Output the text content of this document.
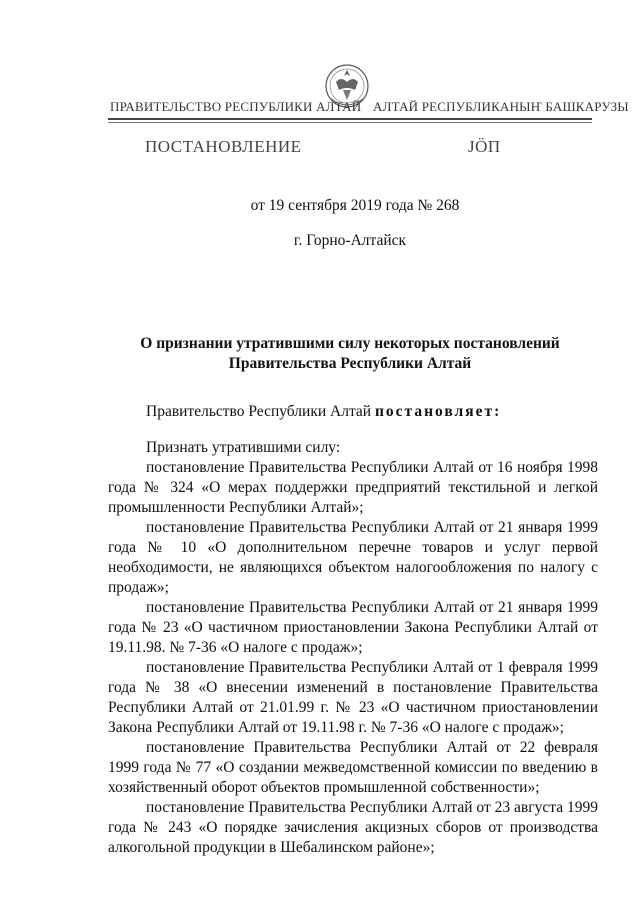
ПРАВИТЕЛЬСТВО РЕСПУБЛИКИ АЛТАЙ АЛТАЙ РЕСПУБЛИКАНЫҤ БАШКАРУЗЫ
ПОСТАНОВЛЕНИЕ	JÖП
от 19 сентября 2019 года № 268
г. Горно-Алтайск
О признании утратившими силу некоторых постановлений
Правительства Республики Алтай
Правительство Республики Алтай постановляет:

Признать утратившими силу:

постановление Правительства Республики Алтай от 16 ноября 1998 года № 324 «О мерах поддержки предприятий текстильной и легкой промышленности Республики Алтай»;

постановление Правительства Республики Алтай от 21 января 1999 года № 10 «О дополнительном перечне товаров и услуг первой необходимости, не являющихся объектом налогообложения по налогу с продаж»;

постановление Правительства Республики Алтай от 21 января 1999 года № 23 «О частичном приостановлении Закона Республики Алтай от 19.11.98. № 7-36 «О налоге с продаж»;

постановление Правительства Республики Алтай от 1 февраля 1999 года № 38 «О внесении изменений в постановление Правительства Республики Алтай от 21.01.99 г. № 23 «О частичном приостановлении Закона Республики Алтай от 19.11.98 г. № 7-36 «О налоге с продаж»;

постановление Правительства Республики Алтай от 22 февраля 1999 года № 77 «О создании межведомственной комиссии по введению в хозяйственный оборот объектов промышленной собственности»;

постановление Правительства Республики Алтай от 23 августа 1999 года № 243 «О порядке зачисления акцизных сборов от производства алкогольной продукции в Шебалинском районе»;
